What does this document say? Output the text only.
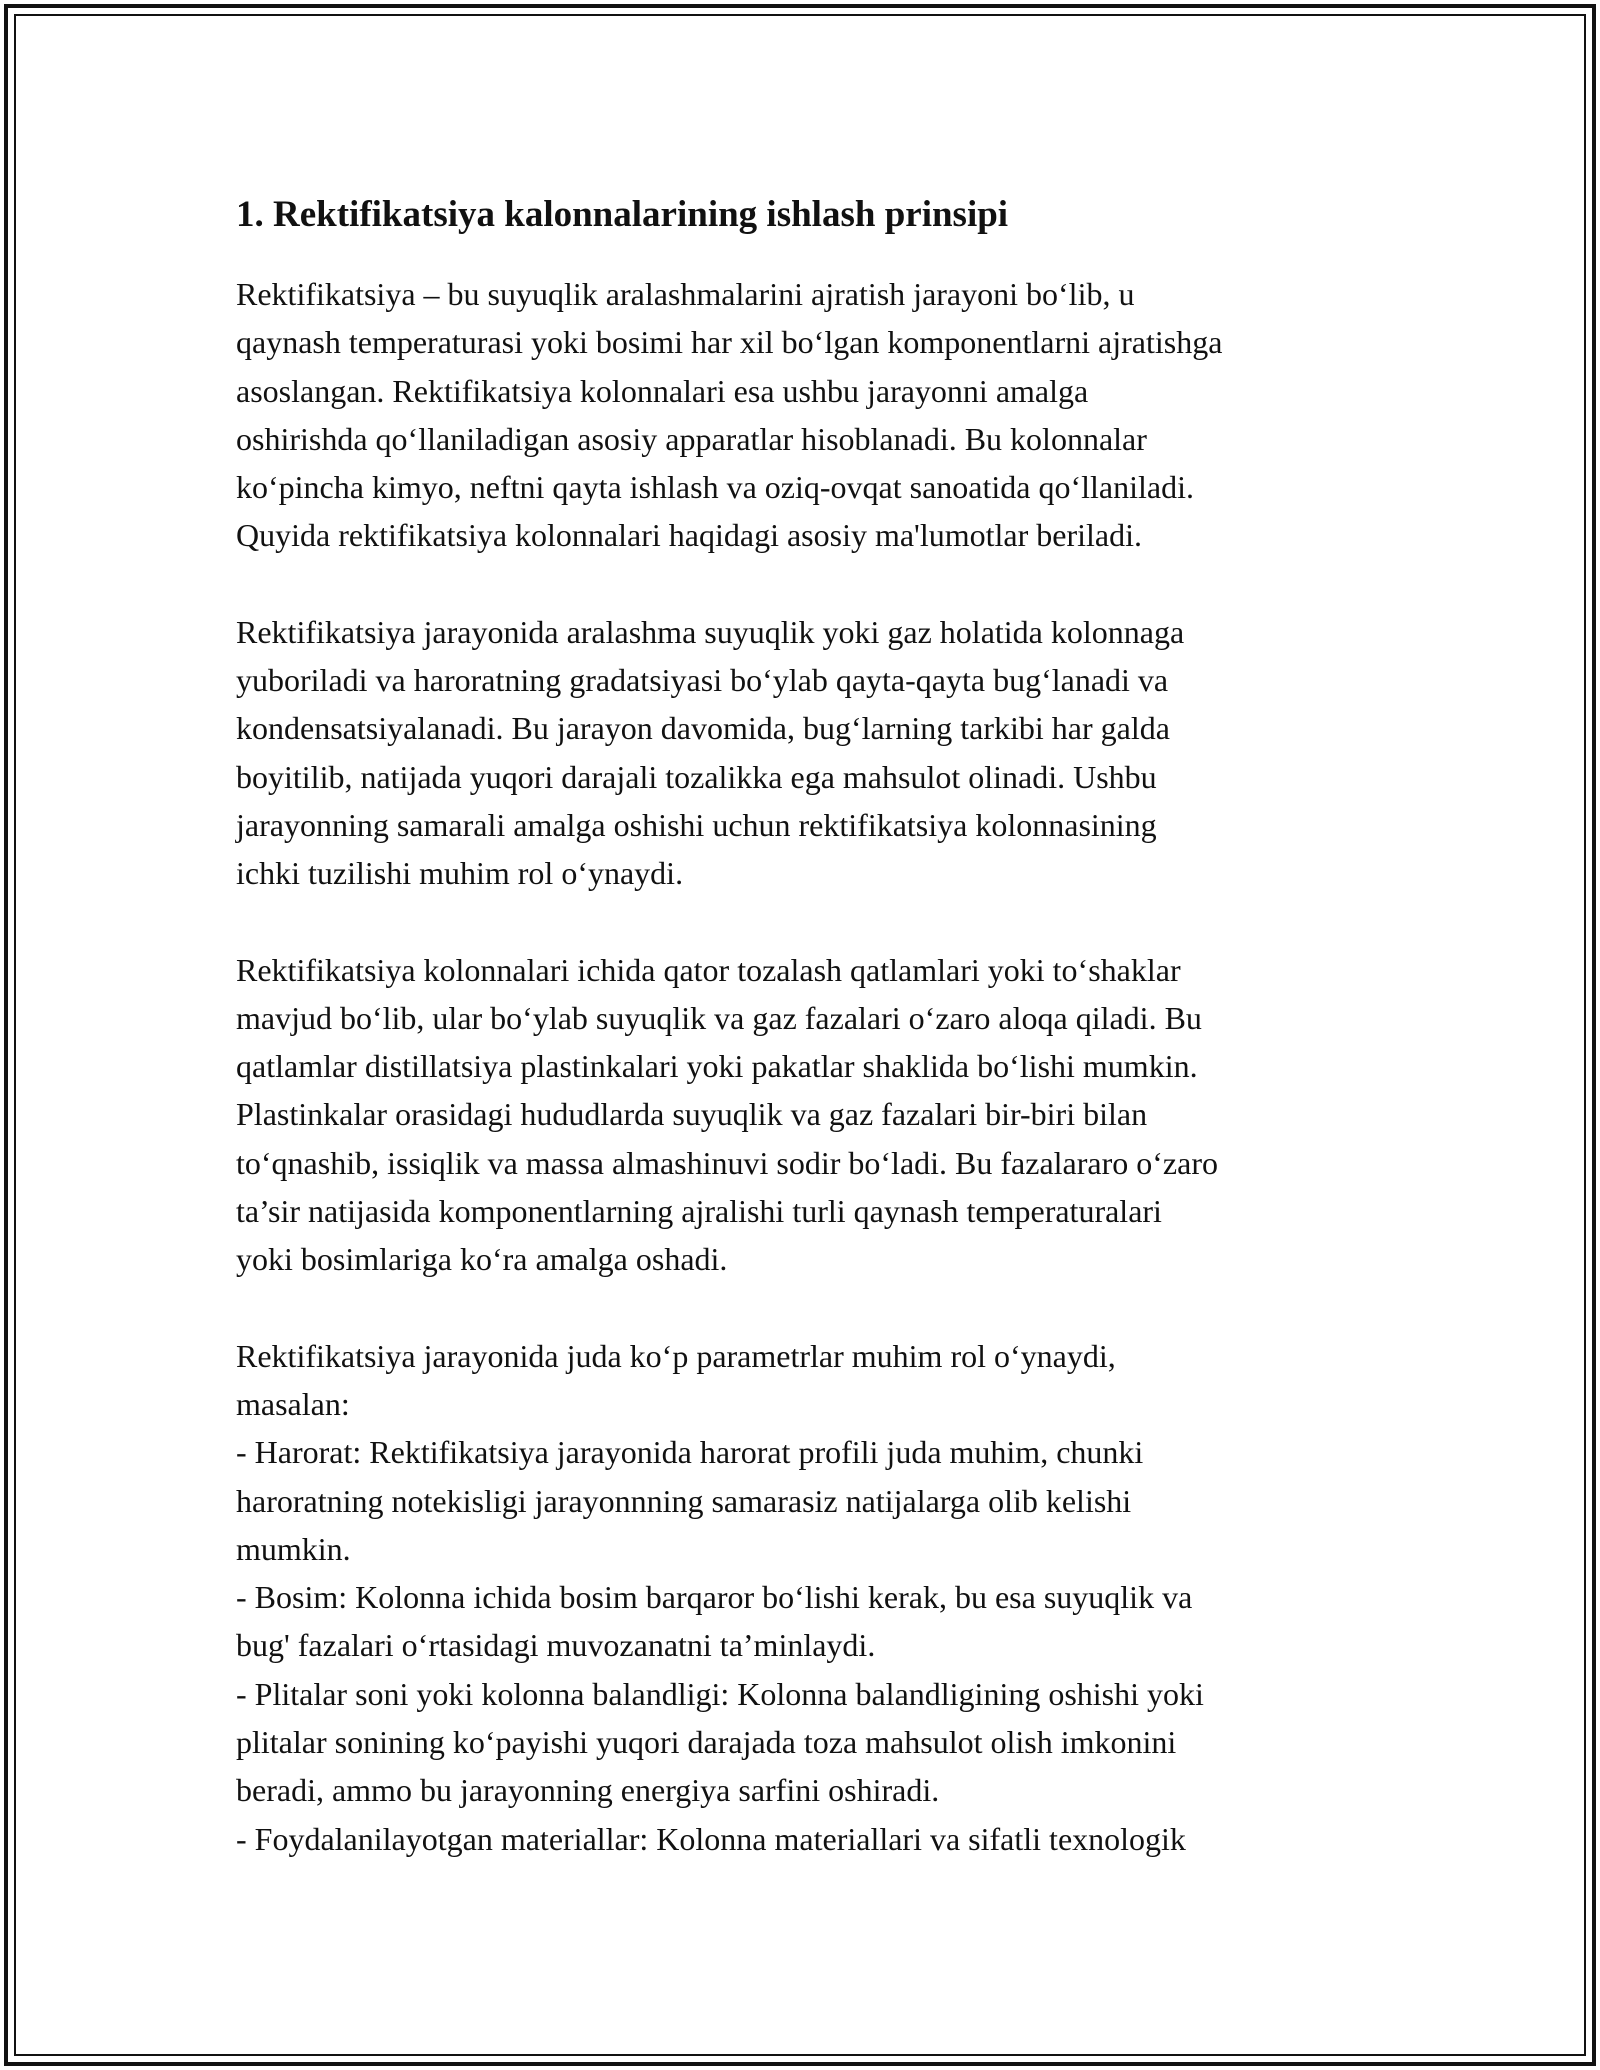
1. Rektifikatsiya kalonnalarining ishlash prinsipi

Rektifikatsiya – bu suyuqlik aralashmalarini ajratish jarayoni bo‘lib, u
qaynash temperaturasi yoki bosimi har xil bo‘lgan komponentlarni ajratishga
asoslangan. Rektifikatsiya kolonnalari esa ushbu jarayonni amalga
oshirishda qo‘llaniladigan asosiy apparatlar hisoblanadi. Bu kolonnalar
ko‘pincha kimyo, neftni qayta ishlash va oziq-ovqat sanoatida qo‘llaniladi.
Quyida rektifikatsiya kolonnalari haqidagi asosiy ma'lumotlar beriladi.

Rektifikatsiya jarayonida aralashma suyuqlik yoki gaz holatida kolonnaga
yuboriladi va haroratning gradatsiyasi bo‘ylab qayta-qayta bug‘lanadi va
kondensatsiyalanadi. Bu jarayon davomida, bug‘larning tarkibi har galda
boyitilib, natijada yuqori darajali tozalikka ega mahsulot olinadi. Ushbu
jarayonning samarali amalga oshishi uchun rektifikatsiya kolonnasining
ichki tuzilishi muhim rol o‘ynaydi.

Rektifikatsiya kolonnalari ichida qator tozalash qatlamlari yoki to‘shaklar
mavjud bo‘lib, ular bo‘ylab suyuqlik va gaz fazalari o‘zaro aloqa qiladi. Bu
qatlamlar distillatsiya plastinkalari yoki pakatlar shaklida bo‘lishi mumkin.
Plastinkalar orasidagi hududlarda suyuqlik va gaz fazalari bir-biri bilan
to‘qnashib, issiqlik va massa almashinuvi sodir bo‘ladi. Bu fazalararo o‘zaro
ta’sir natijasida komponentlarning ajralishi turli qaynash temperaturalari
yoki bosimlariga ko‘ra amalga oshadi.

Rektifikatsiya jarayonida juda ko‘p parametrlar muhim rol o‘ynaydi,
masalan:

- Harorat: Rektifikatsiya jarayonida harorat profili juda muhim, chunki
haroratning notekisligi jarayonnning samarasiz natijalarga olib kelishi
mumkin.
- Bosim: Kolonna ichida bosim barqaror bo‘lishi kerak, bu esa suyuqlik va
bug' fazalari o‘rtasidagi muvozanatni ta’minlaydi.
- Plitalar soni yoki kolonna balandligi: Kolonna balandligining oshishi yoki
plitalar sonining ko‘payishi yuqori darajada toza mahsulot olish imkonini
beradi, ammo bu jarayonning energiya sarfini oshiradi.
- Foydalanilayotgan materiallar: Kolonna materiallari va sifatli texnologik
